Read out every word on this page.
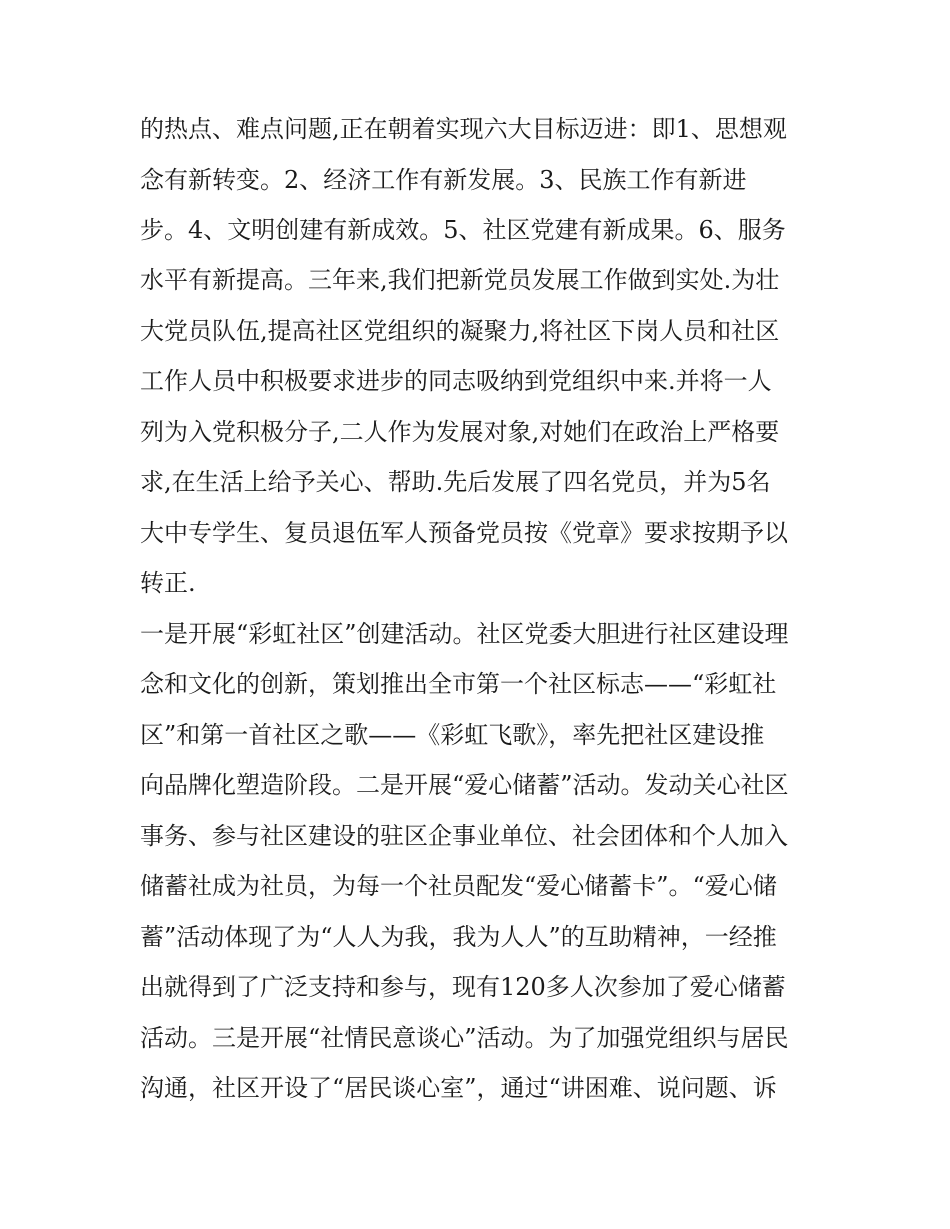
的热点、难点问题,正在朝着实现六大目标迈进：即1、思想观
念有新转变。2、经济工作有新发展。3、民族工作有新进
步。4、文明创建有新成效。5、社区党建有新成果。6、服务
水平有新提高。三年来,我们把新党员发展工作做到实处.为壮
大党员队伍,提高社区党组织的凝聚力,将社区下岗人员和社区
工作人员中积极要求进步的同志吸纳到党组织中来.并将一人
列为入党积极分子,二人作为发展对象,对她们在政治上严格要
求,在生活上给予关心、帮助.先后发展了四名党员，并为5名
大中专学生、复员退伍军人预备党员按《党章》要求按期予以
转正.
一是开展“彩虹社区”创建活动。社区党委大胆进行社区建设理
念和文化的创新，策划推出全市第一个社区标志——“彩虹社
区”和第一首社区之歌——《彩虹飞歌》，率先把社区建设推
向品牌化塑造阶段。二是开展“爱心储蓄”活动。发动关心社区
事务、参与社区建设的驻区企事业单位、社会团体和个人加入
储蓄社成为社员，为每一个社员配发“爱心储蓄卡”。“爱心储
蓄”活动体现了为“人人为我，我为人人”的互助精神，一经推
出就得到了广泛支持和参与，现有120多人次参加了爱心储蓄
活动。三是开展“社情民意谈心”活动。为了加强党组织与居民
沟通，社区开设了“居民谈心室”，通过“讲困难、说问题、诉
